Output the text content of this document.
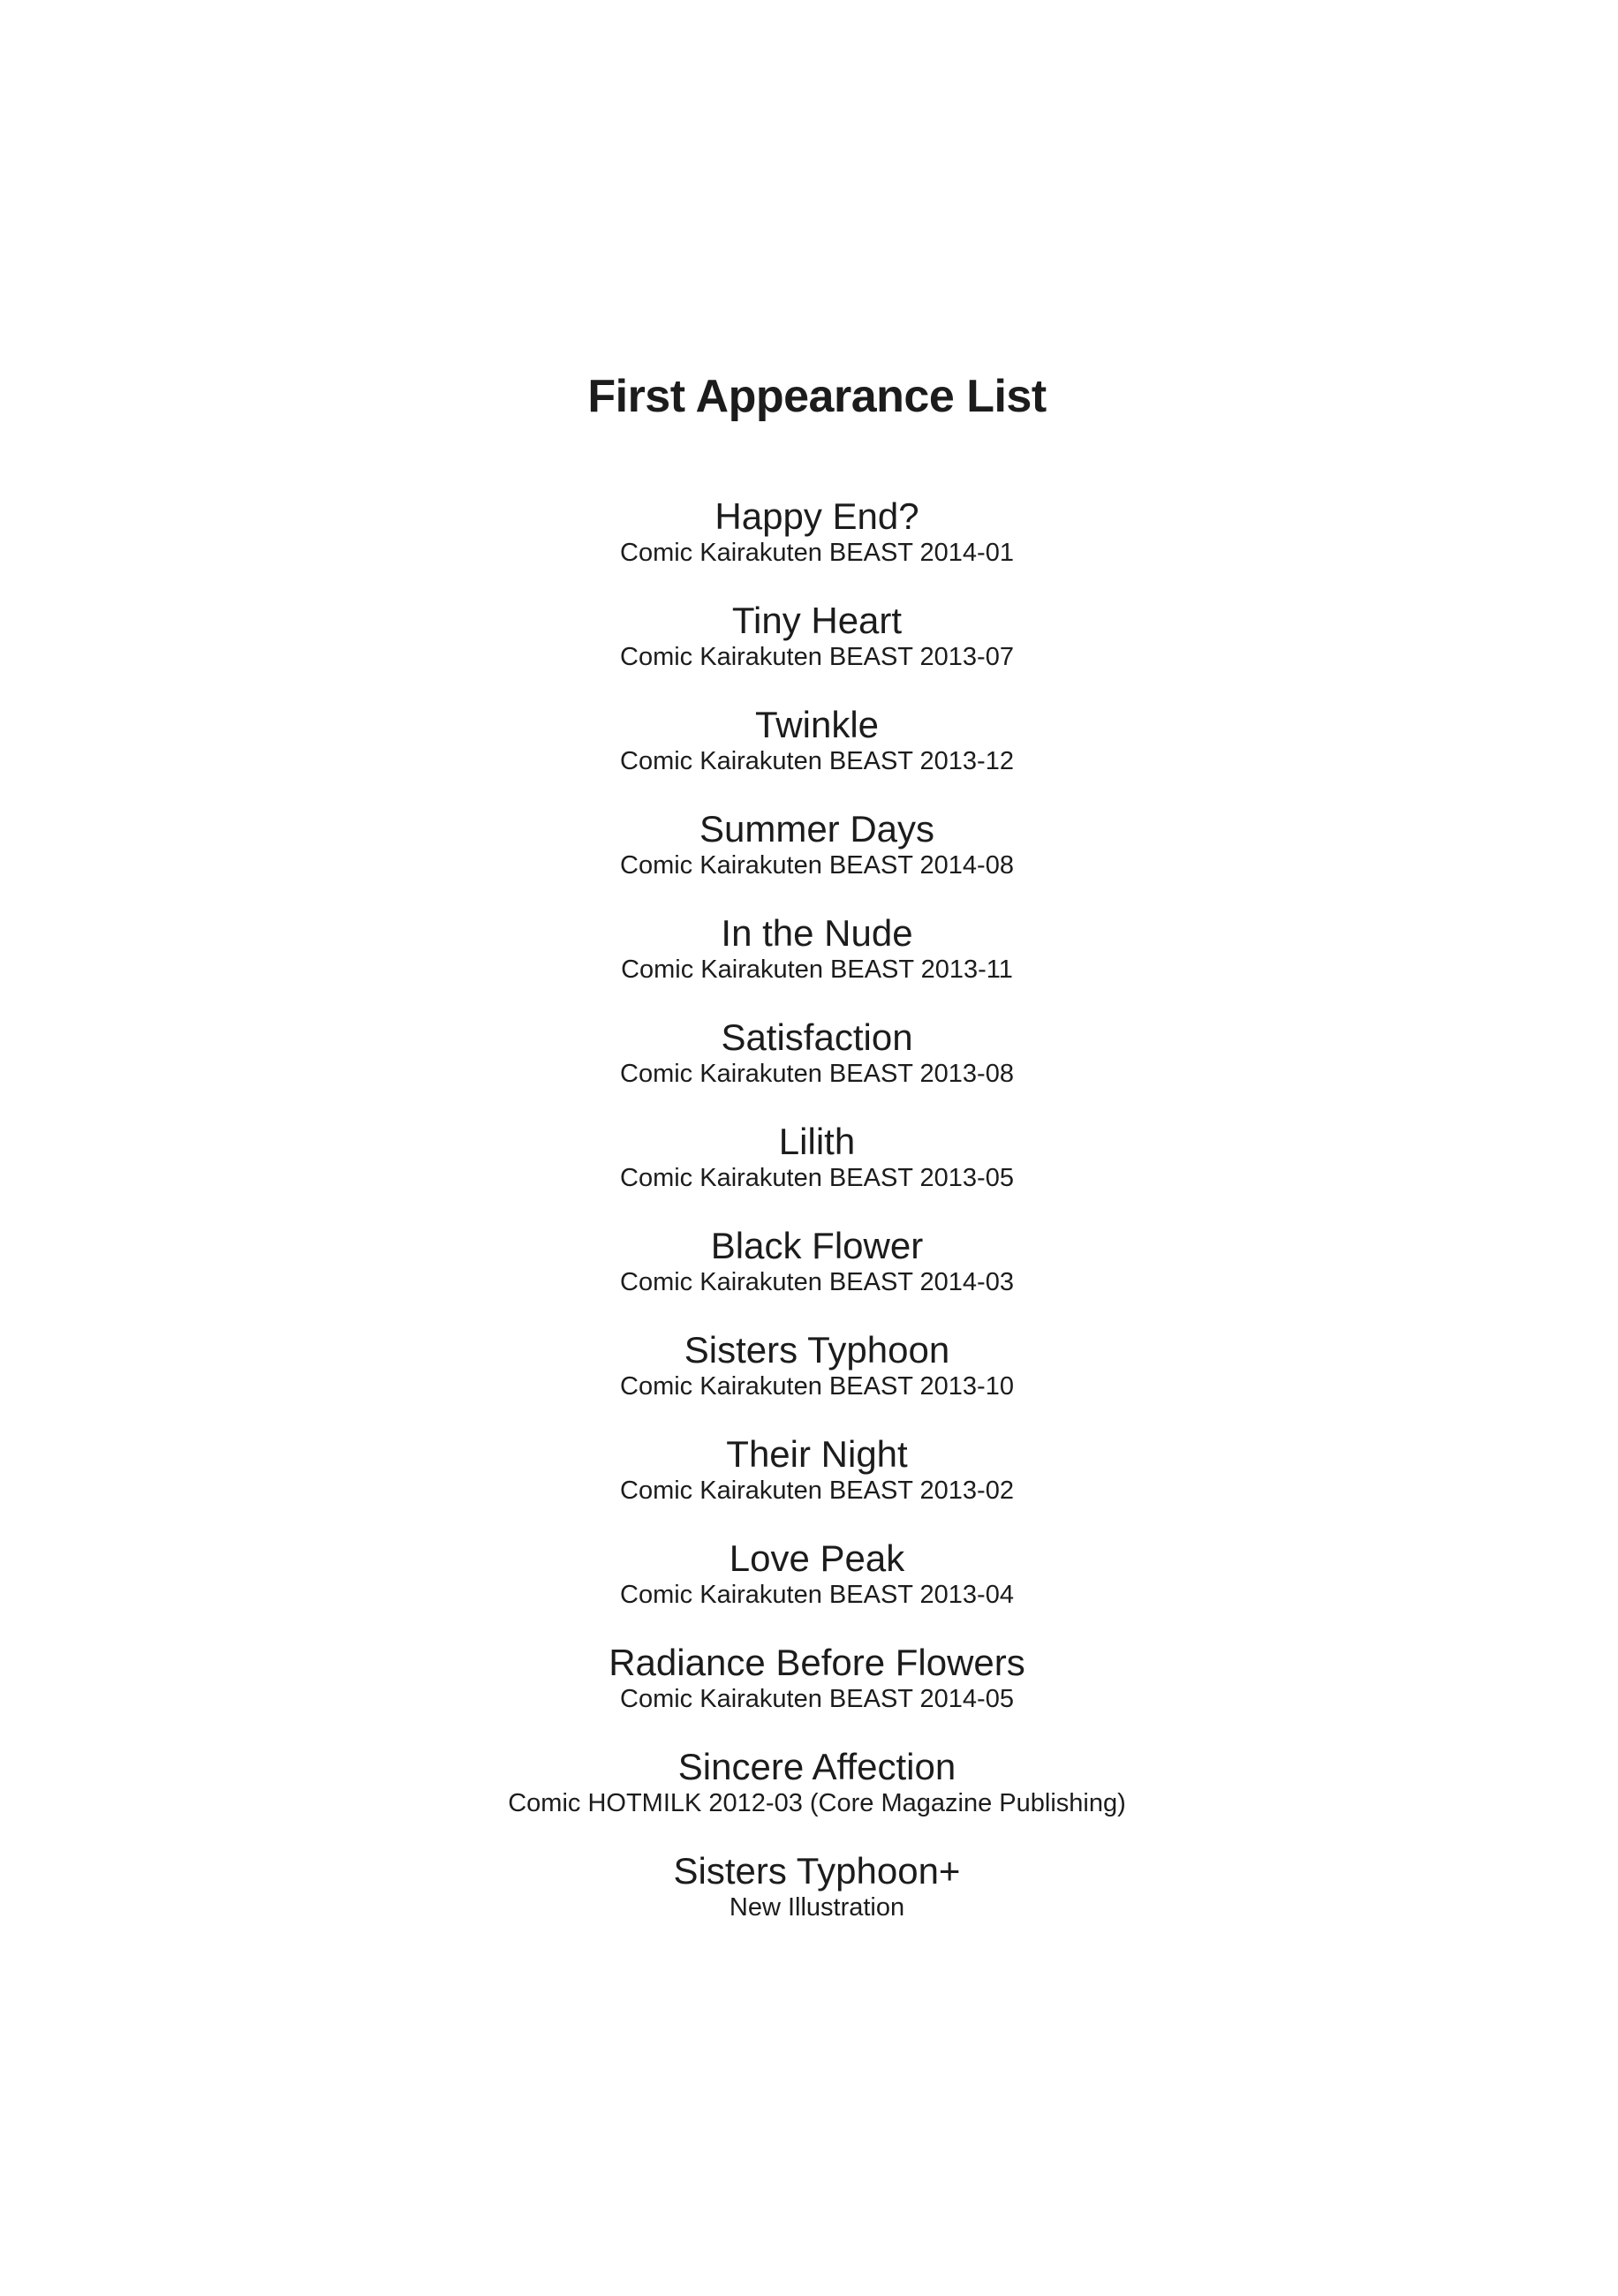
First Appearance List
Happy End?
Comic Kairakuten BEAST 2014-01
Tiny Heart
Comic Kairakuten BEAST 2013-07
Twinkle
Comic Kairakuten BEAST 2013-12
Summer Days
Comic Kairakuten BEAST 2014-08
In the Nude
Comic Kairakuten BEAST 2013-11
Satisfaction
Comic Kairakuten BEAST 2013-08
Lilith
Comic Kairakuten BEAST 2013-05
Black Flower
Comic Kairakuten BEAST 2014-03
Sisters Typhoon
Comic Kairakuten BEAST 2013-10
Their Night
Comic Kairakuten BEAST 2013-02
Love Peak
Comic Kairakuten BEAST 2013-04
Radiance Before Flowers
Comic Kairakuten BEAST 2014-05
Sincere Affection
Comic HOTMILK 2012-03 (Core Magazine Publishing)
Sisters Typhoon+
New Illustration
